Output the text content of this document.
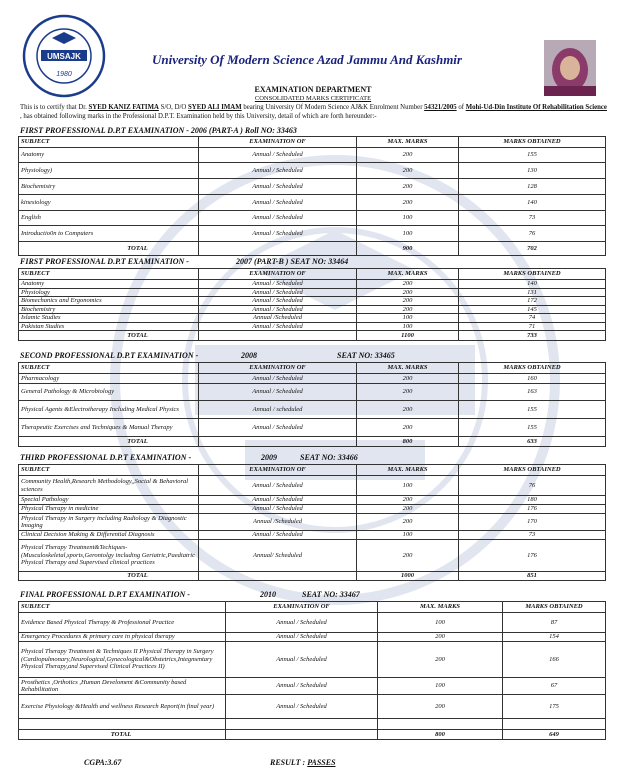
UMSAJK
1980
University Of Modern Science Azad Jammu And Kashmir
EXAMINATION DEPARTMENT
CONSOLIDATED MARKS CERTIFICATE
This is to certify that Dr. SYED KANIZ FATIMA S/O, D/O SYED ALI IMAM bearing University Of Modern Science AJ&K Enrolment Number 54321/2005 of Mohi-Ud-Din Institute Of Rehabilitation Science , has obtained following marks in the Professional D.P.T. Examination held by this University, detail of which are forth hereunder:-
FIRST PROFESSIONAL D.P.T EXAMINATION - 2006 (PART-A ) Roll NO: 33463
SUBJECT	EXAMINATION OF	MAX. MARKS	MARKS OBTAINED
Anatomy	Annual / Scheduled	200	155
Physiology)	Annual / Scheduled	200	130
Biochemistry	Annual / Scheduled	200	128
kinesiology	Annual / Scheduled	200	140
English	Annual / Scheduled	100	73
Introductio0n to Computers	Annual / Scheduled	100	76
TOTAL		900	702
FIRST PROFESSIONAL D.P.T EXAMINATION -	2007 (PART-B ) SEAT NO: 33464
SUBJECT	EXAMINATION OF	MAX. MARKS	MARKS OBTAINED
Anatomy	Annual / Scheduled	200	140
Physiology	Annual / Scheduled	200	131
Biomechanics and Ergonomics	Annual / Scheduled	200	172
Biochemistry	Annual / Scheduled	200	145
Islamic Studies	Annual /Scheduled	100	74
Pakistan Studies	Annual / Scheduled	100	71
TOTAL		1100	733
SECOND PROFESSIONAL D.P.T EXAMINATION -	2008	SEAT NO: 33465
SUBJECT	EXAMINATION OF	MAX. MARKS	MARKS OBTAINED
Pharmacology	Annual / Scheduled	200	160
General Pathology & Microbiology	Annual / Scheduled	200	163
Physical Agents &Electrotherapy Including Medical Physics	Annual / scheduled	200	155
Therapeutic Exercises and Techniques & Manual Therapy	Annual / Scheduled	200	155
TOTAL		800	633
THIRD PROFESSIONAL D.P.T EXAMINATION -	2009	SEAT NO: 33466
SUBJECT	EXAMINATION OF	MAX. MARKS	MARKS OBTAINED
Community Health,Research Methodology,,Social & Behavioral sciences	Annual / Scheduled	100	76
Special Pathology	Annual / Scheduled	200	180
Physical Therapy in medicine	Annual / Scheduled	200	176
Physical Therapy in Surgery including Radiology & Diagnostic Imaging	Annual /Scheduled	200	170
Clinical Decision Making & Differential Diagnosis	Annual / Scheduled	100	73
Physical Therapy Treatment&Techiques-(Musculoskeletal,sports,Gerontolgy including Geriatric,Paediatric Physical Therapy and Supervised clinical practices	Annual/ Scheduled	200	176
TOTAL		1000	851
FINAL PROFESSIONAL D.P.T EXAMINATION -	2010	SEAT NO: 33467
SUBJECT	EXAMINATION OF	MAX. MARKS	MARKS OBTAINED
Evidence Based Physical Therapy & Professional Practice	Annual / Scheduled	100	87
Emergency Procedures & primary care in physical therapy	Annual / Scheduled	200	154
Physical Therapy Treatment & Techniques II Physical Therapy in Surgery (Cardiopulmonary,Neurological,Gynecological&Obstetrics,Integmentary Physical Therapy,and Supervised Clinical Practices II)	Annual / Scheduled	200	166
Prosthetics ,Orthotics ,Human Develoment &Community based Rehabilitation	Annual / Scheduled	100	67
Exercise Physiology &Health and wellness Research Report(in final year)	Annual / Scheduled	200	175

TOTAL		800	649
CGPA:3.67	RESULT : PASSES
